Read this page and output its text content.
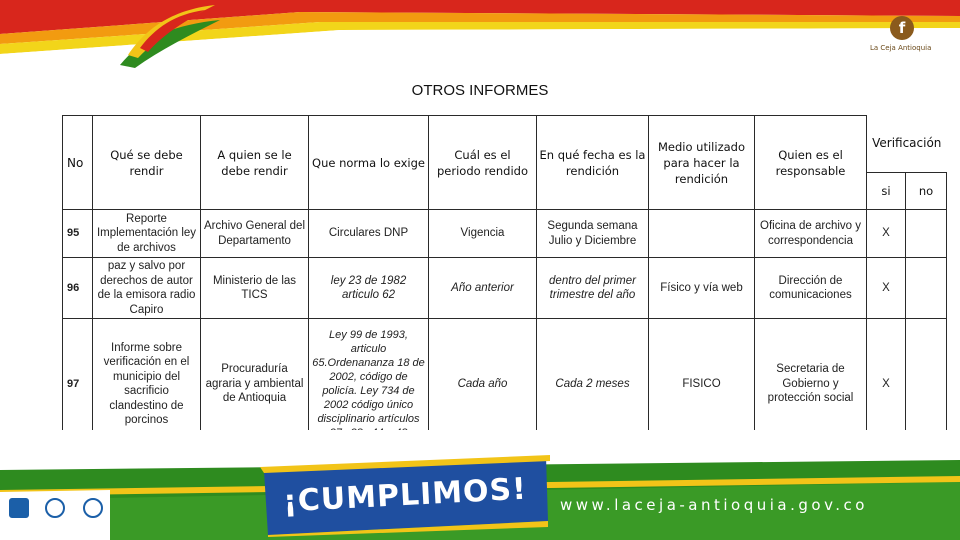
f
La Ceja Antioquia
OTROS INFORMES
No	Qué se debe rendir	A quien se le debe rendir	Que norma lo exige	Cuál es el periodo rendido	En qué fecha es la rendición	Medio utilizado para hacer la rendición	Quien es el responsable	Verificación	
								si	no
95	Reporte Implementación ley de archivos	Archivo General del Departamento	Circulares DNP	Vigencia	Segunda semana Julio y Diciembre		Oficina de archivo y correspondencia	X	
96	paz y salvo por derechos de autor de la emisora radio Capiro	Ministerio de las TICS	ley 23 de 1982 articulo 62	Año anterior	dentro del primer trimestre del año	Físico y vía web	Dirección de comunicaciones	X	
97	Informe sobre verificación en el municipio del sacrificio clandestino de porcinos	Procuraduría agraria y ambiental de Antioquia	Ley 99 de 1993, articulo 65.Ordenananza 18 de 2002, código de policía. Ley 734 de 2002 código único disciplinario artículos	Cada año	Cada 2 meses	FISICO	Secretaria de Gobierno y protección social	X	
¡CUMPLIMOS!	www.laceja-antioquia.gov.co
